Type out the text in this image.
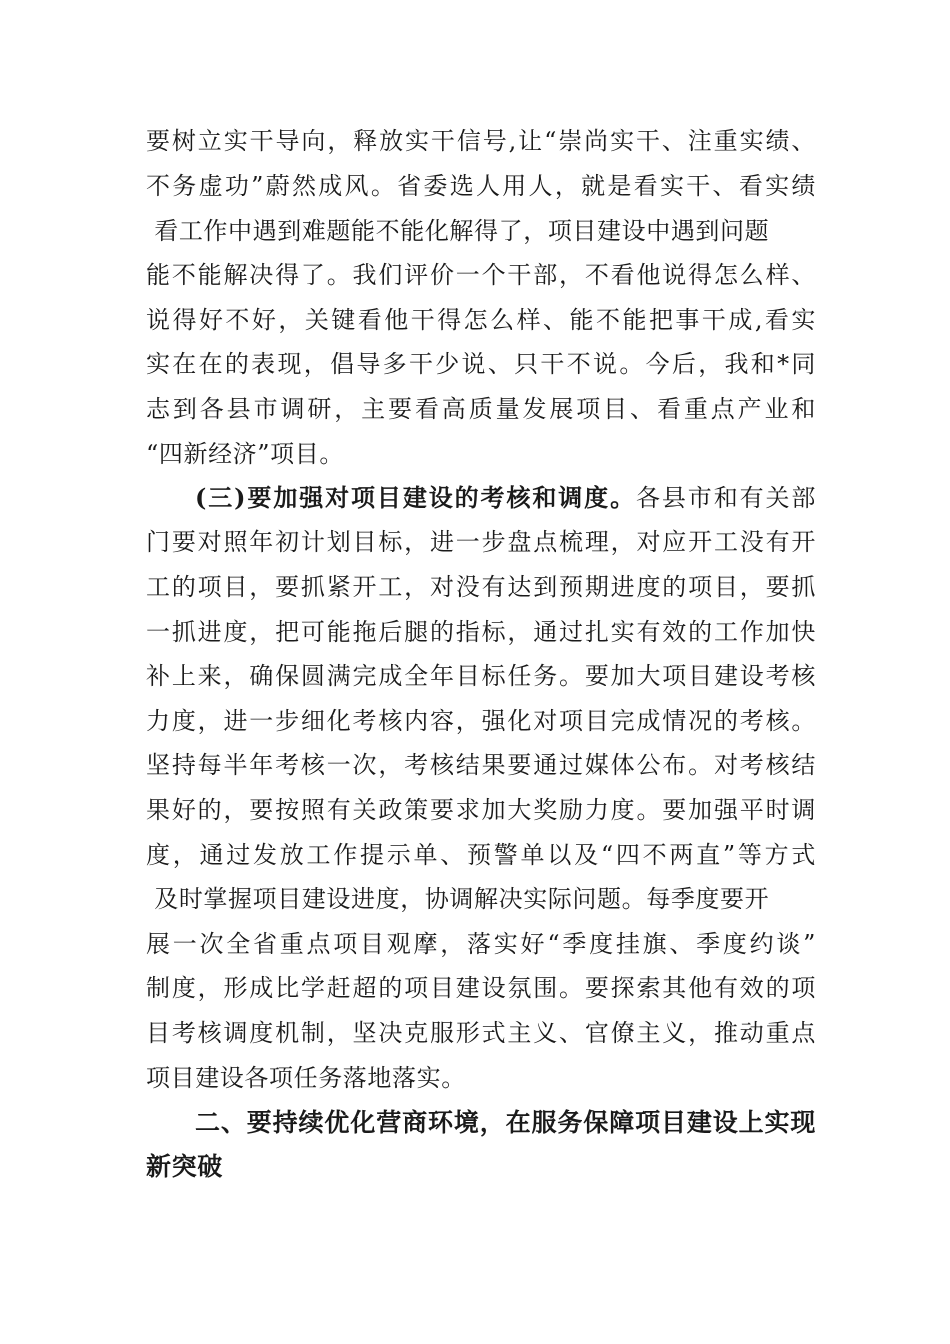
要树立实干导向，释放实干信号,让“崇尚实干、注重实绩、

不务虚功”蔚然成风。省委选人用人，就是看实干、看实绩

看工作中遇到难题能不能化解得了，项目建设中遇到问题

能不能解决得了。我们评价一个干部，不看他说得怎么样、

说得好不好，关键看他干得怎么样、能不能把事干成,看实

实在在的表现，倡导多干少说、只干不说。今后，我和*同

志到各县市调研，主要看高质量发展项目、看重点产业和

“四新经济”项目。

(三)要加强对项目建设的考核和调度。各县市和有关部

门要对照年初计划目标，进一步盘点梳理，对应开工没有开

工的项目，要抓紧开工，对没有达到预期进度的项目，要抓

一抓进度，把可能拖后腿的指标，通过扎实有效的工作加快

补上来，确保圆满完成全年目标任务。要加大项目建设考核

力度，进一步细化考核内容，强化对项目完成情况的考核。

坚持每半年考核一次，考核结果要通过媒体公布。对考核结

果好的，要按照有关政策要求加大奖励力度。要加强平时调

度，通过发放工作提示单、预警单以及“四不两直”等方式

及时掌握项目建设进度，协调解决实际问题。每季度要开

展一次全省重点项目观摩，落实好“季度挂旗、季度约谈”

制度，形成比学赶超的项目建设氛围。要探索其他有效的项

目考核调度机制，坚决克服形式主义、官僚主义，推动重点

项目建设各项任务落地落实。

二、要持续优化营商环境，在服务保障项目建设上实现

新突破
